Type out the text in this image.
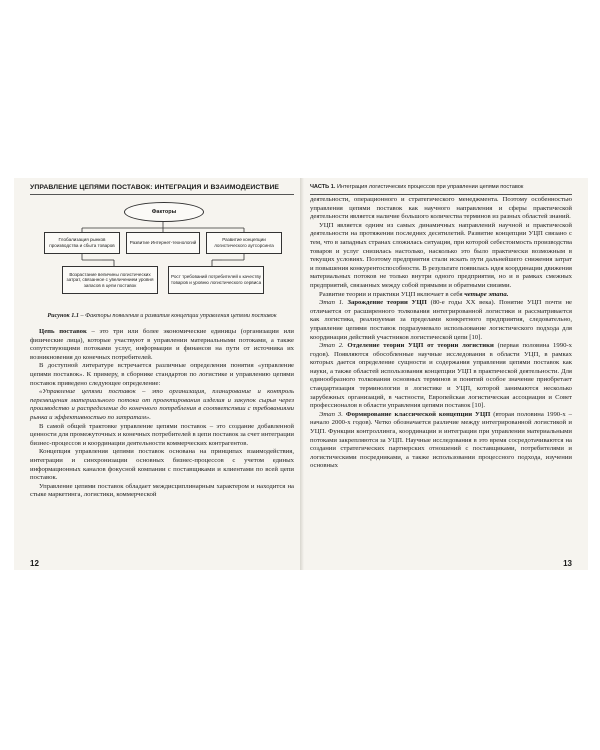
УПРАВЛЕНИЕ ЦЕПЯМИ ПОСТАВОК: ИНТЕГРАЦИЯ И ВЗАИМОДЕЙСТВИЕ
Факторы
Глобализация рынков производства и сбыта товаров
Развитие Интернет-технологий
Развитие концепции логистического аутсорсинга
Возрастание величины логистических затрат, связанное с увеличением уровня запасов в цепи поставок
Рост требований потребителей к качеству товаров и уровню логистического сервиса
Рисунок 1.1 – Факторы появления и развития концепции управления цепями поставок

Цепь поставок – это три или более экономические единицы (организации или физические лица), которые участвуют в управлении материальными потоками, а также сопутствующими потоками услуг, информации и финансов на пути от источника их возникновения до конечных потребителей.

В доступной литературе встречается различные определения понятия «управление цепями поставок». К примеру, в сборнике стандартов по логистике и управлению цепями поставок приведено следующее определение:

«Управление цепями поставок – это организация, планирование и контроль перемещения материального потока от проектирования изделия и закупок сырья через производство и распределение до конечного потребления в соответствии с требованиями рынка и эффективностью по затратам».

В самой общей трактовке управление цепями поставок – это создание добавленной ценности для промежуточных и конечных потребителей в цепи поставок за счет интеграции бизнес-процессов и координации деятельности коммерческих контрагентов.

Концепция управления цепями поставок основана на принципах взаимодействия, интеграции и синхронизации основных бизнес-процессов с учетом единых информационных каналов фокусной компании с поставщиками и клиентами по всей цепи поставок.

Управление цепями поставок обладает междисциплинарным характером и находится на стыке маркетинга, логистики, коммерческой

12
ЧАСТЬ 1. Интеграция логистических процессов при управлении цепями поставок

деятельности, операционного и стратегического менеджмента. Поэтому особенностью управления цепями поставок как научного направления и сферы практической деятельности является наличие большого количества терминов из разных областей знаний.

УЦП является одним из самых динамичных направлений научной и практической деятельности на протяжении последних десятилетий. Развитие концепции УЦП связано с тем, что в западных странах сложилась ситуация, при которой себестоимость производства товаров и услуг снизилась настолько, насколько это было практически возможным в текущих условиях. Поэтому предприятия стали искать пути дальнейшего снижения затрат и повышения конкурентоспособности. В результате появилась идея координации движения материальных потоков не только внутри одного предприятия, но и в рамках смежных предприятий, связанных между собой прямыми и обратными связями.

Развитие теории и практики УЦП включает в себя четыре этапа.

Этап 1. Зарождение теории УЦП (80-е годы XX века). Понятие УЦП почти не отличается от расширенного толкования интегрированной логистики и рассматривается как логистика, реализуемая за пределами конкретного предприятия, следовательно, управление цепями поставок подразумевало использование логистического подхода для координации действий участников логистической цепи [10].

Этап 2. Отделение теории УЦП от теории логистики (первая половина 1990-х годов). Появляются обособленные научные исследования в области УЦП, в рамках которых дается определение сущности и содержания управления цепями поставок как науки, а также областей использования концепции УЦП в практической деятельности. Для единообразного толкования основных терминов и понятий особое значение приобретает стандартизация терминологии в логистике и УЦП, которой занимаются несколько зарубежных организаций, в частности, Европейская логистическая ассоциация и Совет профессионалов в области управления цепями поставок [10].

Этап 3. Формирование классической концепции УЦП (вторая половина 1990-х – начало 2000-х годов). Четко обозначается различие между интегрированной логистикой и УЦП. Функции контроллинга, координации и интеграции при управлении материальными потоками закрепляются за УЦП. Научные исследования в это время сосредотачиваются на создании стратегических партнерских отношений с поставщиками, потребителями и логистическими посредниками, а также использовании процессного подхода, изучении основных

13
